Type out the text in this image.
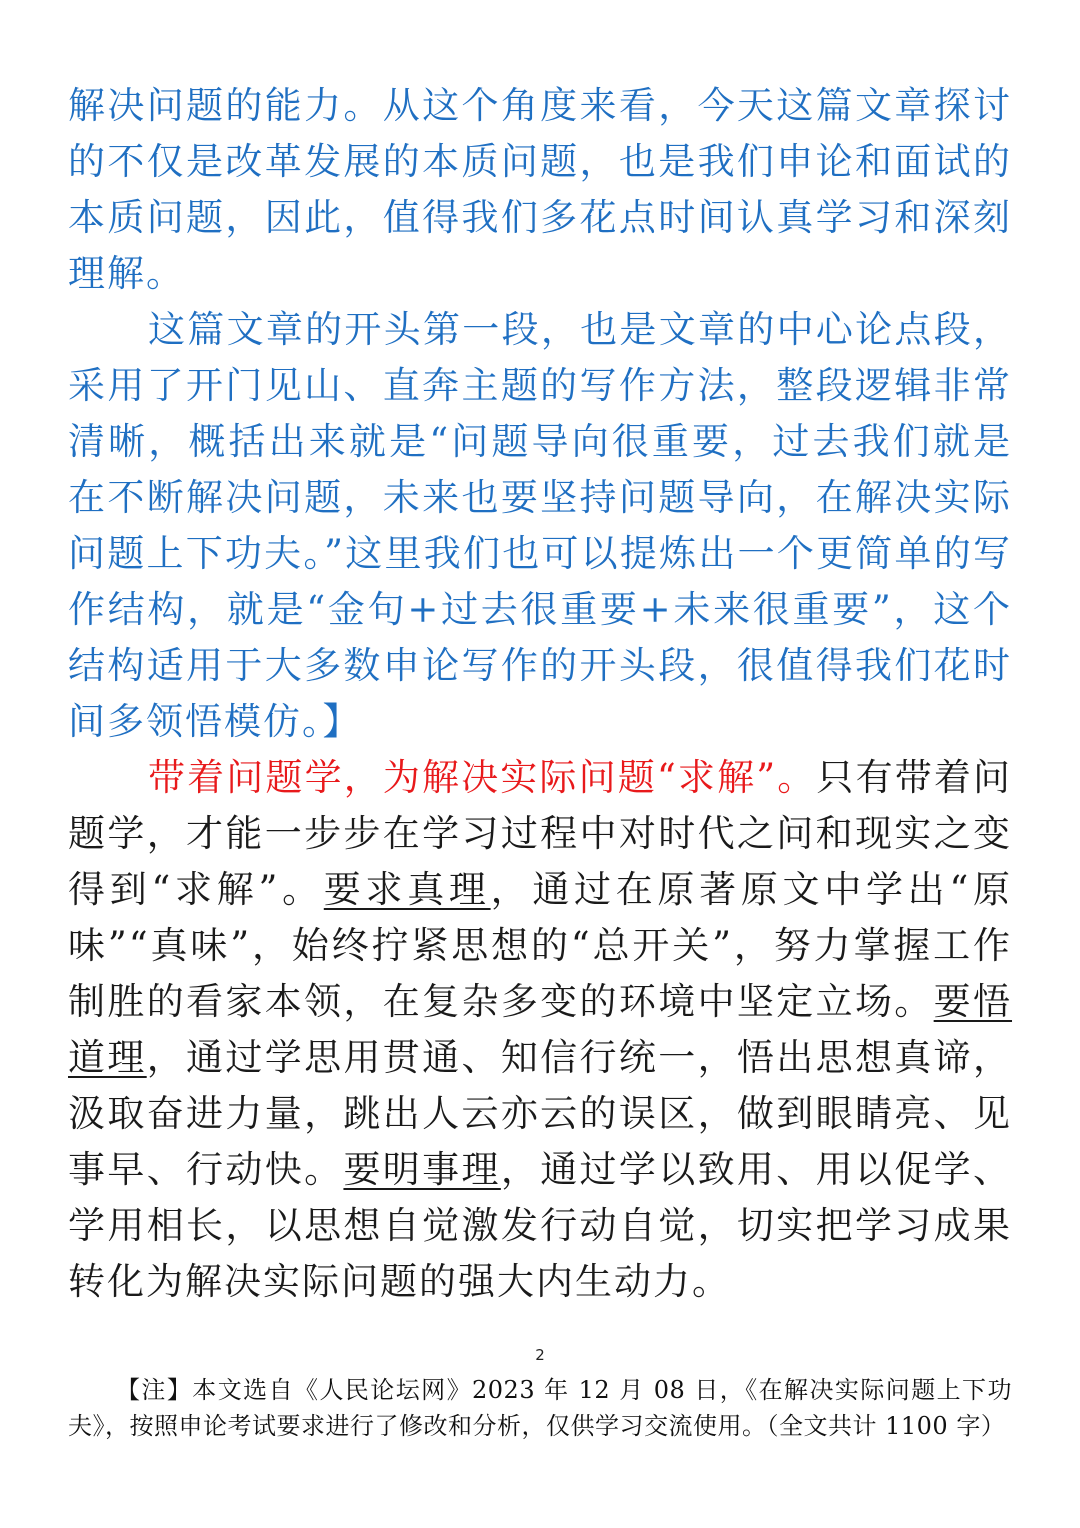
解决问题的能力。从这个角度来看，今天这篇文章探讨的不仅是改革发展的本质问题，也是我们申论和面试的本质问题，因此，值得我们多花点时间认真学习和深刻理解。

这篇文章的开头第一段，也是文章的中心论点段，采用了开门见山、直奔主题的写作方法，整段逻辑非常清晰，概括出来就是“问题导向很重要，过去我们就是在不断解决问题，未来也要坚持问题导向，在解决实际问题上下功夫。”这里我们也可以提炼出一个更简单的写作结构，就是“金句+过去很重要+未来很重要”，这个结构适用于大多数申论写作的开头段，很值得我们花时间多领悟模仿。】

带着问题学，为解决实际问题“求解”。只有带着问题学，才能一步步在学习过程中对时代之问和现实之变得到“求解”。要求真理，通过在原著原文中学出“原味”“真味”，始终拧紧思想的“总开关”，努力掌握工作制胜的看家本领，在复杂多变的环境中坚定立场。要悟道理，通过学思用贯通、知信行统一，悟出思想真谛，汲取奋进力量，跳出人云亦云的误区，做到眼睛亮、见事早、行动快。要明事理，通过学以致用、用以促学、学用相长，以思想自觉激发行动自觉，切实把学习成果转化为解决实际问题的强大内生动力。

2
【注】本文选自《人民论坛网》2023 年 12 月 08 日，《在解决实际问题上下功夫》，按照申论考试要求进行了修改和分析，仅供学习交流使用。（全文共计 1100 字）
